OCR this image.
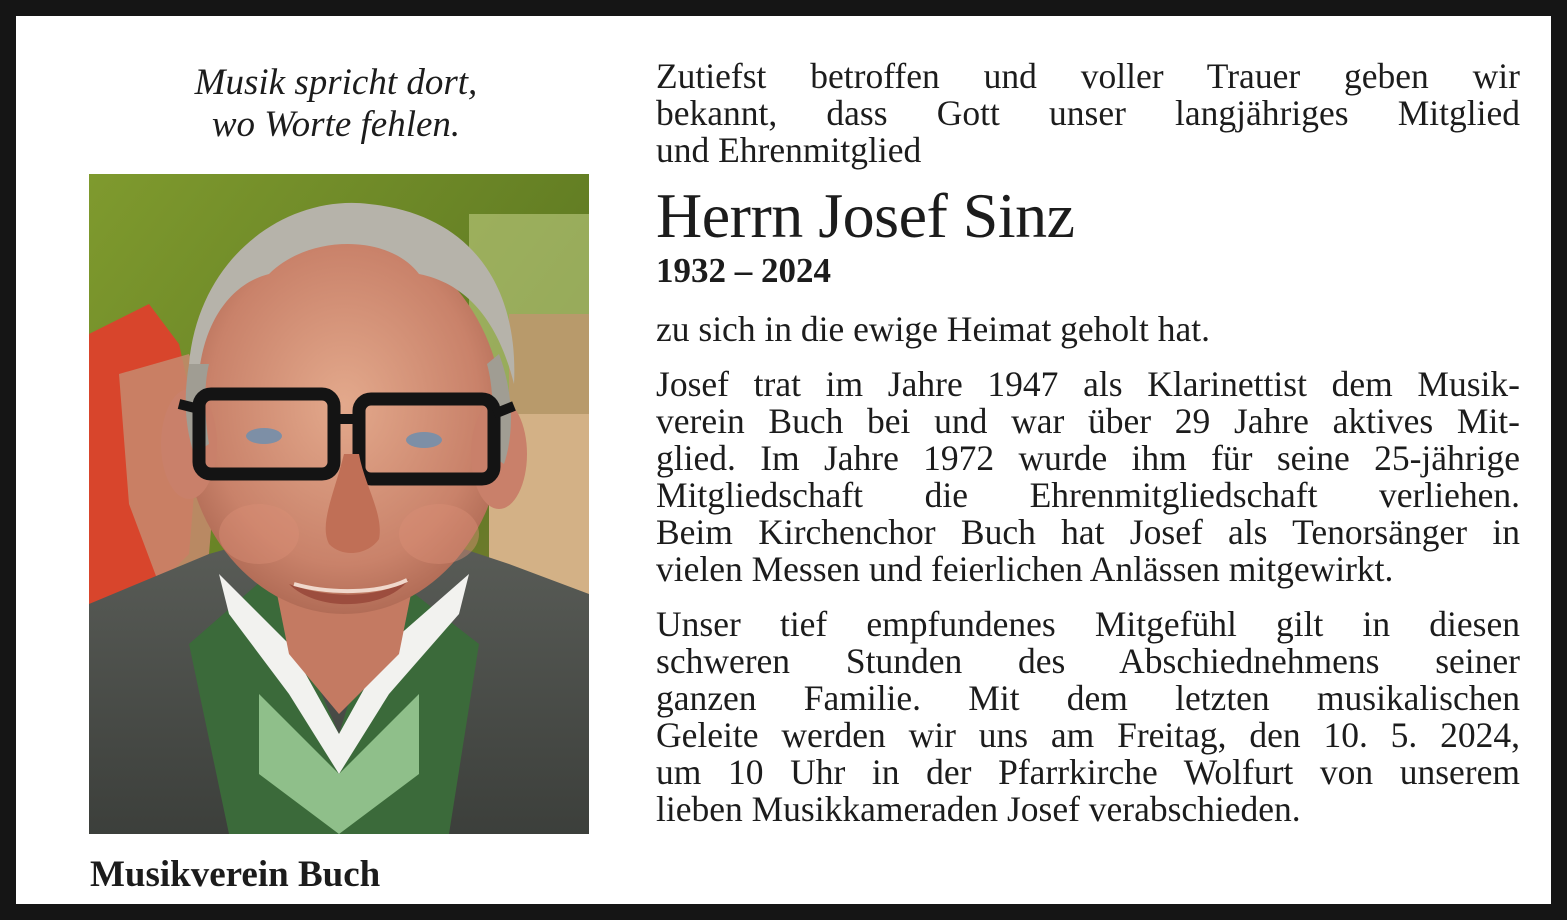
Musik spricht dort,
wo Worte fehlen.
Musikverein Buch

Zutiefst betroffen und voller Trauer geben wir
bekannt, dass Gott unser langjähriges Mitglied
und Ehrenmitglied

Herrn Josef Sinz
1932 – 2024

zu sich in die ewige Heimat geholt hat.

Josef trat im Jahre 1947 als Klarinettist dem Musik-
verein Buch bei und war über 29 Jahre aktives Mit-
glied. Im Jahre 1972 wurde ihm für seine 25-jährige
Mitgliedschaft die Ehrenmitgliedschaft verliehen.
Beim Kirchenchor Buch hat Josef als Tenorsänger in
vielen Messen und feierlichen Anlässen mitgewirkt.

Unser tief empfundenes Mitgefühl gilt in diesen
schweren Stunden des Abschiednehmens seiner
ganzen Familie. Mit dem letzten musikalischen
Geleite werden wir uns am Freitag, den 10. 5. 2024,
um 10 Uhr in der Pfarrkirche Wolfurt von unserem
lieben Musikkameraden Josef verabschieden.
